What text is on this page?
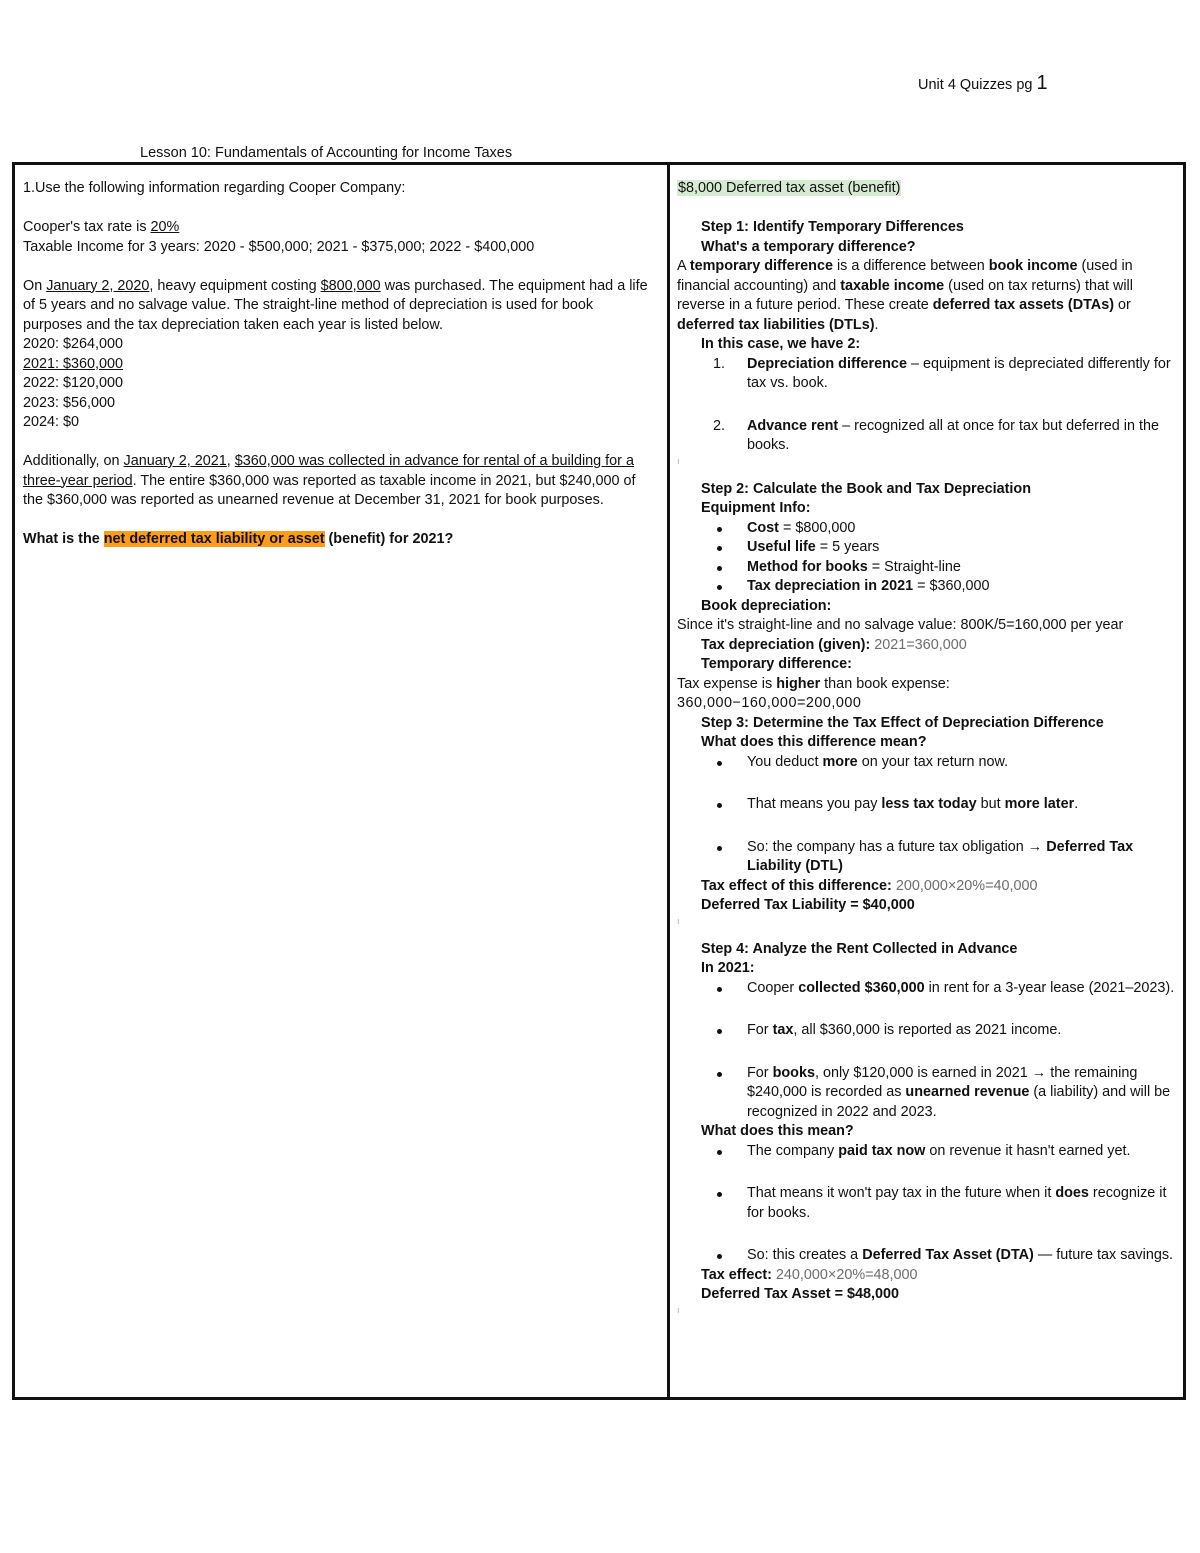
Unit 4 Quizzes pg 1
Lesson 10: Fundamentals of Accounting for Income Taxes

1.Use the following information regarding Cooper Company:

Cooper's tax rate is 20%

Taxable Income for 3 years: 2020 - $500,000; 2021 - $375,000; 2022 - $400,000

On January 2, 2020, heavy equipment costing $800,000 was purchased. The equipment had a life of 5 years and no salvage value. The straight-line method of depreciation is used for book purposes and the tax depreciation taken each year is listed below.

2020: $264,000

2021: $360,000

2022: $120,000

2023: $56,000

2024: $0

Additionally, on January 2, 2021, $360,000 was collected in advance for rental of a building for a three-year period. The entire $360,000 was reported as taxable income in 2021, but $240,000 of the $360,000 was reported as unearned revenue at December 31, 2021 for book purposes.

What is the net deferred tax liability or asset (benefit) for 2021?

$8,000 Deferred tax asset (benefit)

Step 1: Identify Temporary Differences

What's a temporary difference?

A temporary difference is a difference between book income (used in financial accounting) and taxable income (used on tax returns) that will reverse in a future period. These create deferred tax assets (DTAs) or deferred tax liabilities (DTLs).

In this case, we have 2:

1. Depreciation difference – equipment is depreciated differently for tax vs. book.
2. Advance rent – recognized all at once for tax but deferred in the books.
ı

Step 2: Calculate the Book and Tax Depreciation

Equipment Info:

Cost = $800,000
Useful life = 5 years
Method for books = Straight-line
Tax depreciation in 2021 = $360,000

Book depreciation:

Since it's straight-line and no salvage value: 800K/5=160,000 per year

Tax depreciation (given): 2021=360,000

Temporary difference:

Tax expense is higher than book expense:

360,000−160,000=200,000

Step 3: Determine the Tax Effect of Depreciation Difference

What does this difference mean?

You deduct more on your tax return now.
That means you pay less tax today but more later.
So: the company has a future tax obligation → Deferred Tax Liability (DTL)

Tax effect of this difference: 200,000×20%=40,000

Deferred Tax Liability = $40,000

ı

Step 4: Analyze the Rent Collected in Advance

In 2021:

Cooper collected $360,000 in rent for a 3-year lease (2021–2023).
For tax, all $360,000 is reported as 2021 income.
For books, only $120,000 is earned in 2021 → the remaining $240,000 is recorded as unearned revenue (a liability) and will be recognized in 2022 and 2023.

What does this mean?

The company paid tax now on revenue it hasn't earned yet.
That means it won't pay tax in the future when it does recognize it for books.
So: this creates a Deferred Tax Asset (DTA) — future tax savings.

Tax effect: 240,000×20%=48,000

Deferred Tax Asset = $48,000

ı
